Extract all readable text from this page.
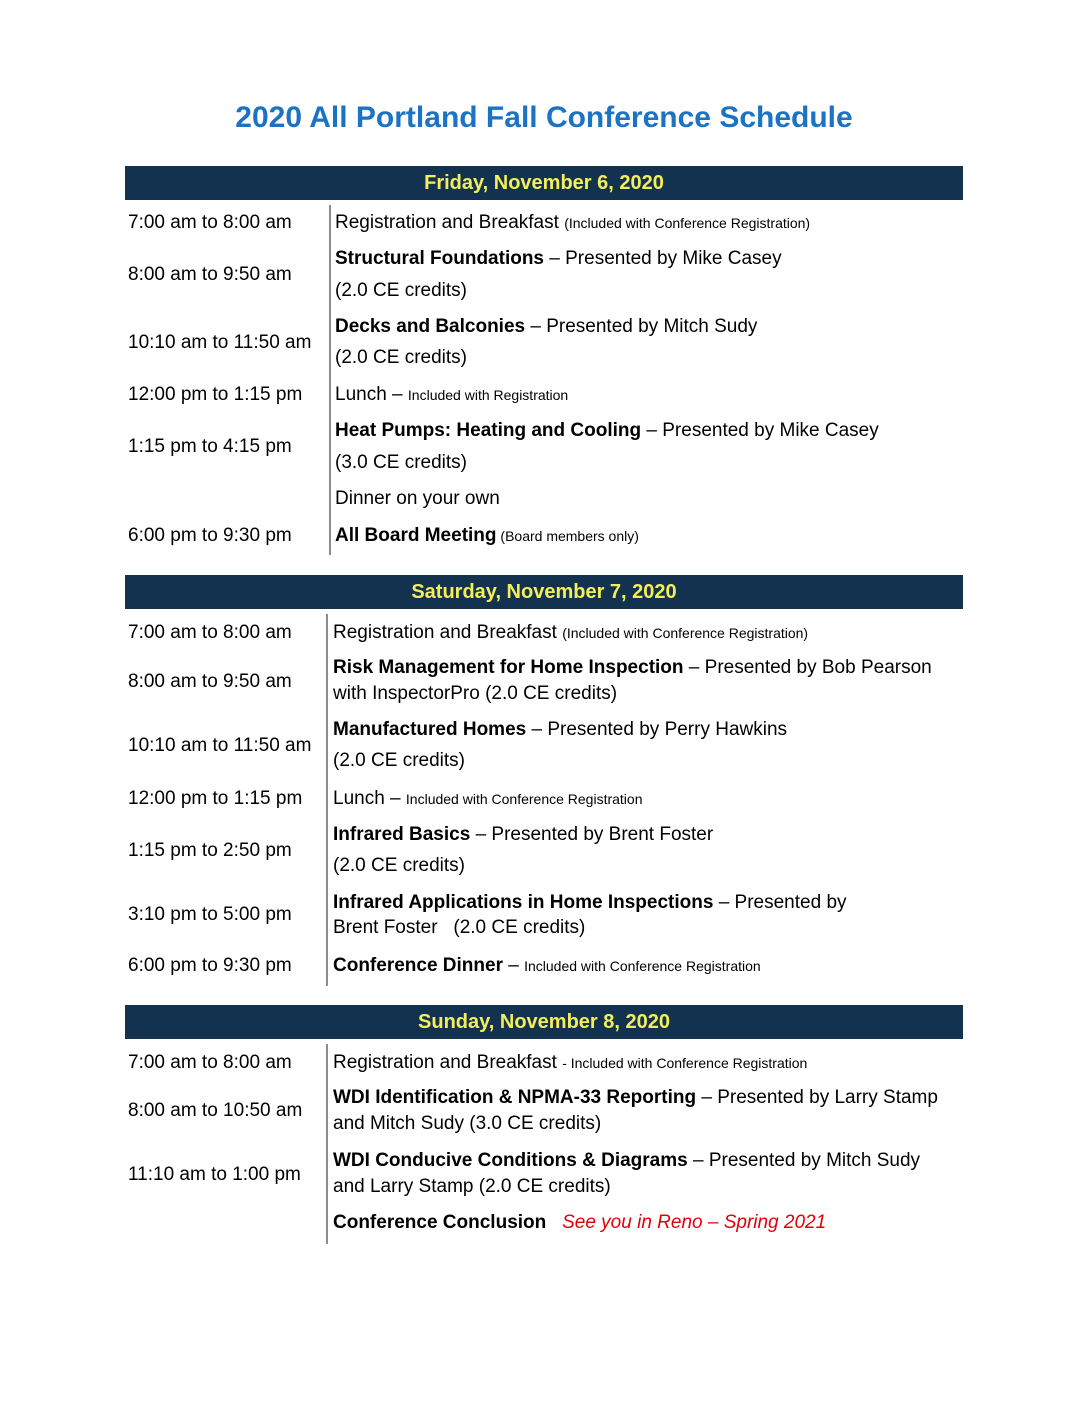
2020 All Portland Fall Conference Schedule
Friday, November 6, 2020
7:00 am to 8:00 am Registration and Breakfast (Included with Conference Registration)
8:00 am to 9:50 am
Structural Foundations – Presented by Mike Casey
(2.0 CE credits)
10:10 am to 11:50 am
Decks and Balconies – Presented by Mitch Sudy
(2.0 CE credits)
12:00 pm to 1:15 pm Lunch – Included with Registration
1:15 pm to 4:15 pm
Heat Pumps: Heating and Cooling – Presented by Mike Casey
(3.0 CE credits)
Dinner on your own
6:00 pm to 9:30 pm All Board Meeting (Board members only)
Saturday, November 7, 2020
7:00 am to 8:00 am Registration and Breakfast (Included with Conference Registration)
8:00 am to 9:50 am
Risk Management for Home Inspection – Presented by Bob Pearson
with InspectorPro (2.0 CE credits)
10:10 am to 11:50 am
Manufactured Homes – Presented by Perry Hawkins
(2.0 CE credits)
12:00 pm to 1:15 pm Lunch – Included with Conference Registration
1:15 pm to 2:50 pm
Infrared Basics – Presented by Brent Foster
(2.0 CE credits)
3:10 pm to 5:00 pm
Infrared Applications in Home Inspections – Presented by
Brent Foster   (2.0 CE credits)
6:00 pm to 9:30 pm Conference Dinner – Included with Conference Registration
Sunday, November 8, 2020
7:00 am to 8:00 am Registration and Breakfast - Included with Conference Registration
8:00 am to 10:50 am
WDI Identification & NPMA-33 Reporting – Presented by Larry Stamp
and Mitch Sudy (3.0 CE credits)
11:10 am to 1:00 pm
WDI Conducive Conditions & Diagrams – Presented by Mitch Sudy
and Larry Stamp (2.0 CE credits)
Conference Conclusion See you in Reno – Spring 2021
